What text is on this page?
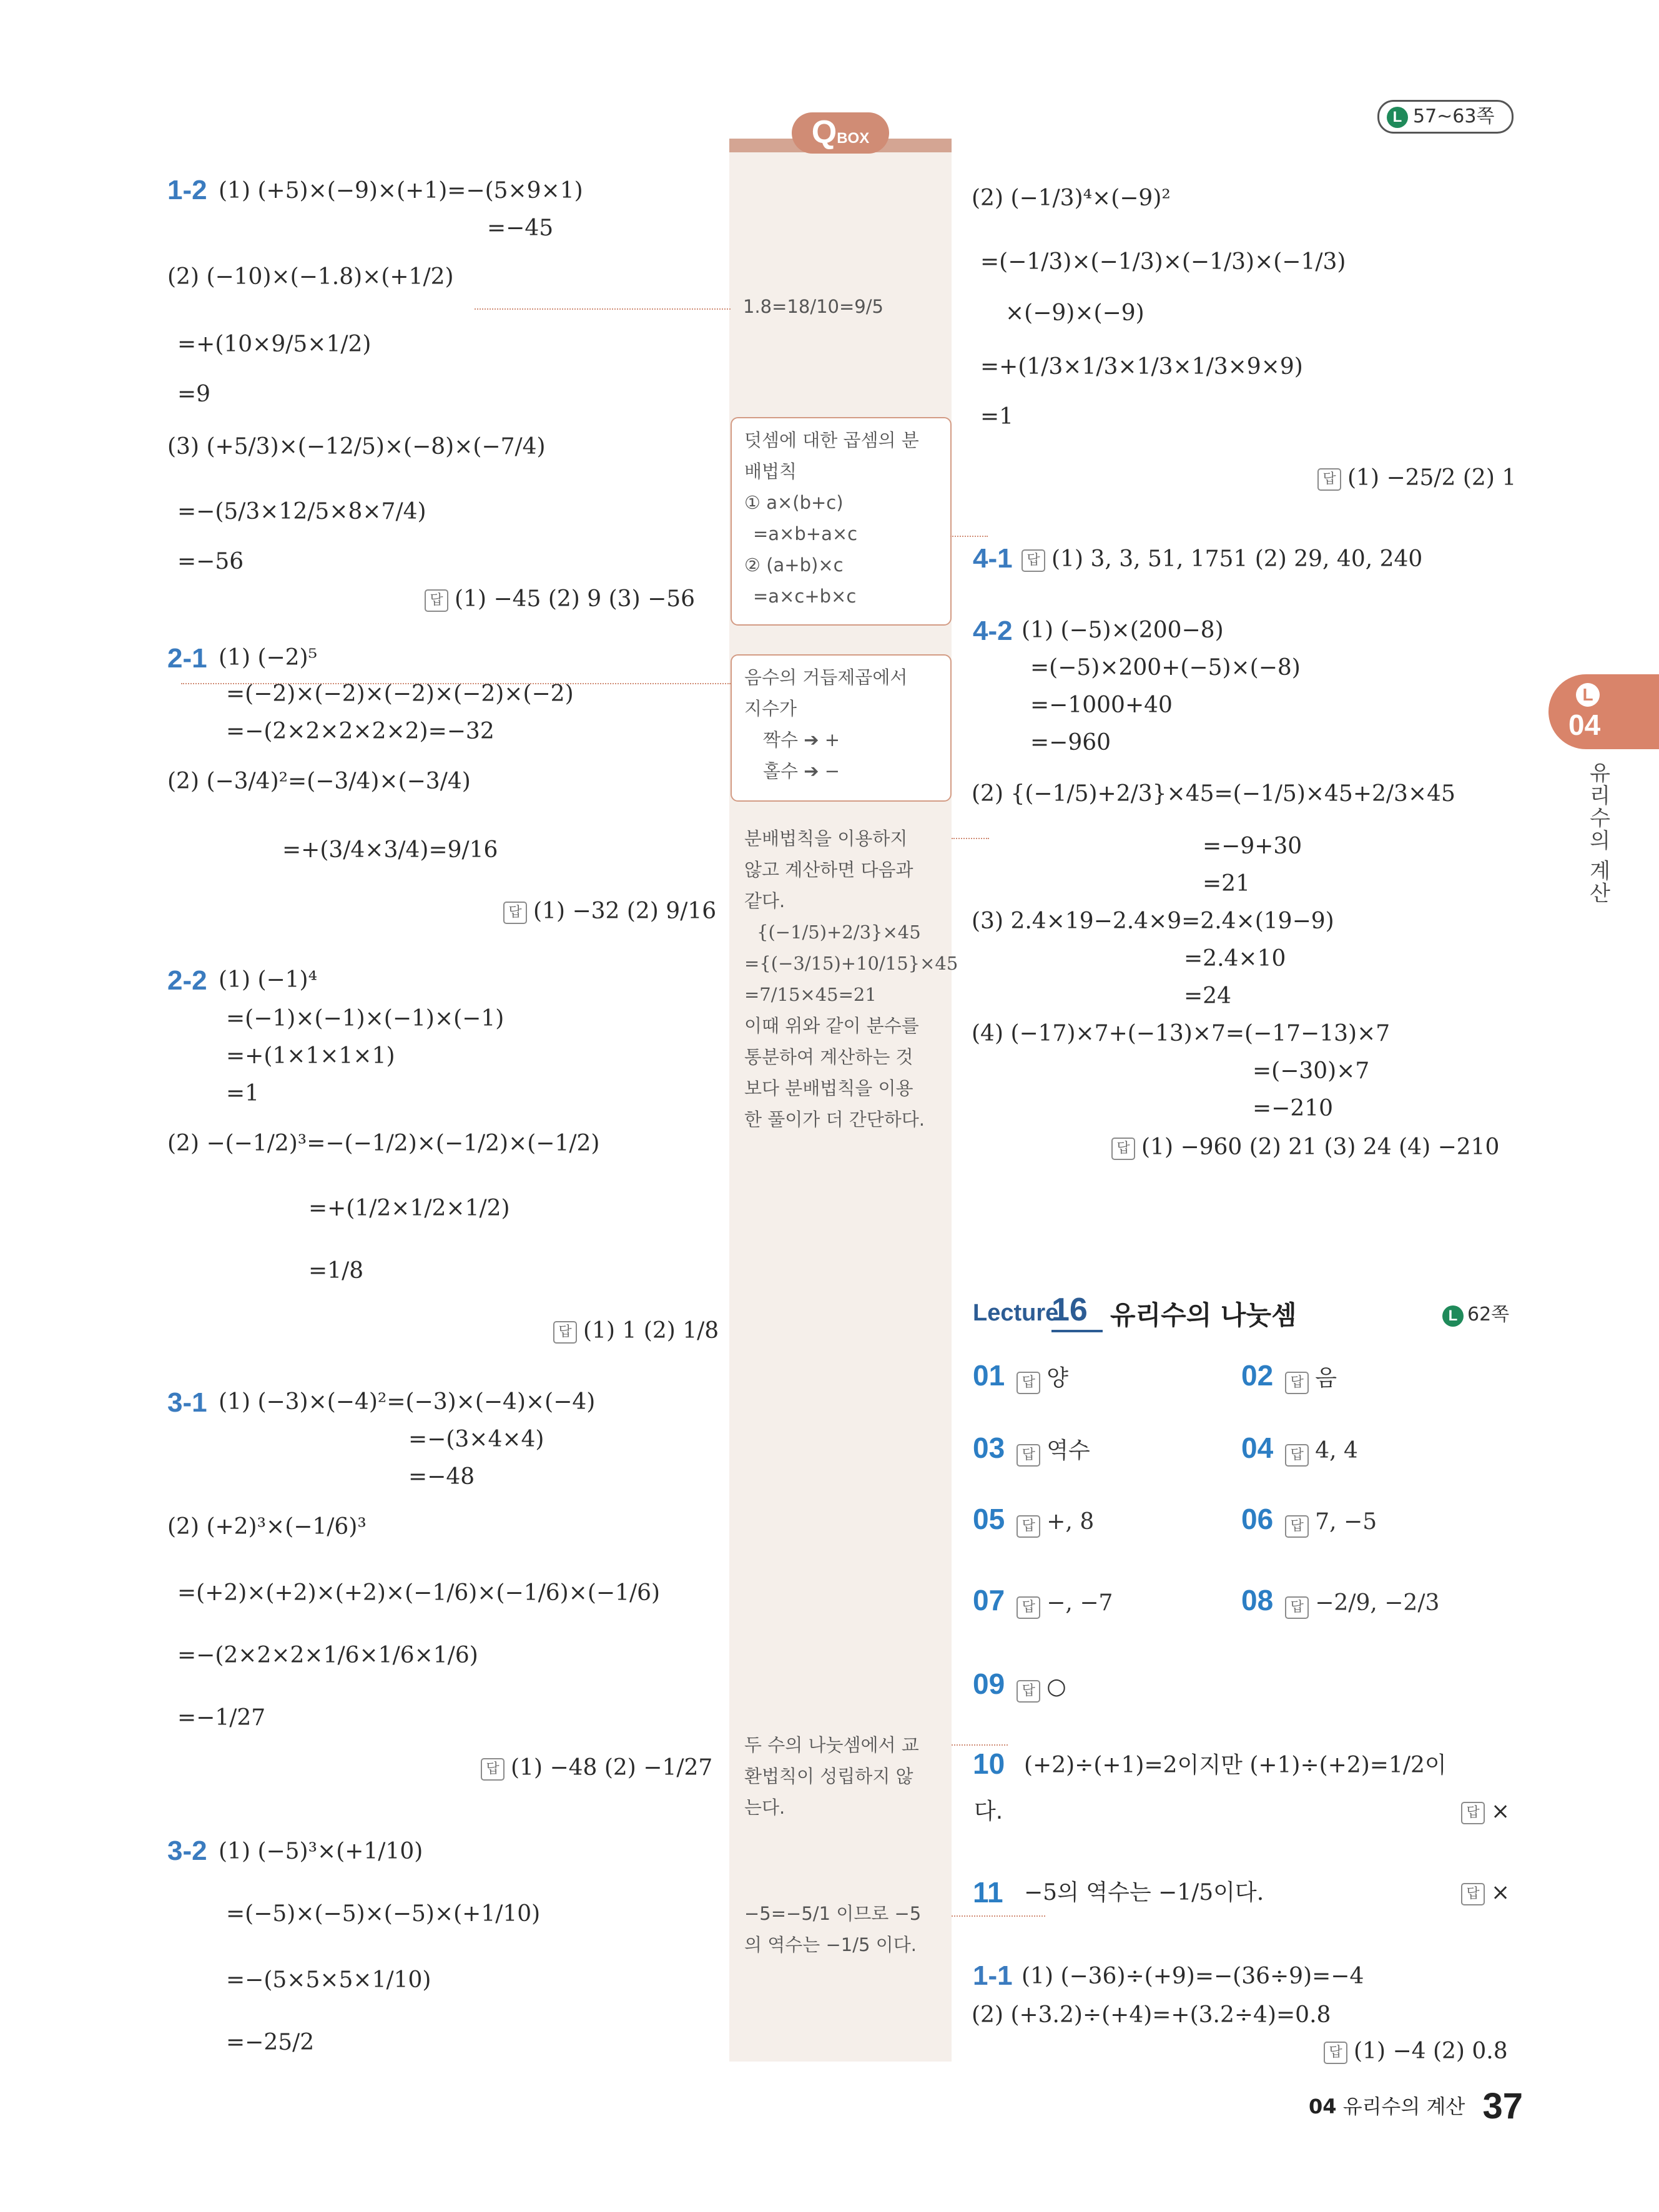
L 57~63쪽
QBOX
1.8=18/10=9/5
덧셈에 대한 곱셈의 분
배법칙
① a×(b+c)
=a×b+a×c
② (a+b)×c
=a×c+b×c
음수의 거듭제곱에서
지수가
짝수 ➔ +
홀수 ➔ −
분배법칙을 이용하지
않고 계산하면 다음과
같다.
{(−1/5)+2/3}×45
={(−3/15)+10/15}×45
=7/15×45=21
이때 위와 같이 분수를
통분하여 계산하는 것
보다 분배법칙을 이용
한 풀이가 더 간단하다.
두 수의 나눗셈에서 교
환법칙이 성립하지 않
는다.
−5=−5/1 이므로 −5
의 역수는 −1/5 이다.
1-2 (1) (+5)×(−9)×(+1)=−(5×9×1)
=−45
(2) (−10)×(−1.8)×(+1/2)
=+(10×9/5×1/2)
=9
(3) (+5/3)×(−12/5)×(−8)×(−7/4)
=−(5/3×12/5×8×7/4)
=−56
답 (1) −45 (2) 9 (3) −56
2-1 (1) (−2)⁵
=(−2)×(−2)×(−2)×(−2)×(−2)
=−(2×2×2×2×2)=−32
(2) (−3/4)²=(−3/4)×(−3/4)
=+(3/4×3/4)=9/16
답 (1) −32 (2) 9/16
2-2 (1) (−1)⁴
=(−1)×(−1)×(−1)×(−1)
=+(1×1×1×1)
=1
(2) −(−1/2)³=−(−1/2)×(−1/2)×(−1/2)
=+(1/2×1/2×1/2)
=1/8
답 (1) 1 (2) 1/8
3-1 (1) (−3)×(−4)²=(−3)×(−4)×(−4)
=−(3×4×4)
=−48
(2) (+2)³×(−1/6)³
=(+2)×(+2)×(+2)×(−1/6)×(−1/6)×(−1/6)
=−(2×2×2×1/6×1/6×1/6)
=−1/27
답 (1) −48 (2) −1/27
3-2 (1) (−5)³×(+1/10)
=(−5)×(−5)×(−5)×(+1/10)
=−(5×5×5×1/10)
=−25/2
(2) (−1/3)⁴×(−9)²
=(−1/3)×(−1/3)×(−1/3)×(−1/3)
×(−9)×(−9)
=+(1/3×1/3×1/3×1/3×9×9)
=1
답 (1) −25/2 (2) 1
4-1	답 (1) 3, 3, 51, 1751 (2) 29, 40, 240
4-2 (1) (−5)×(200−8)
=(−5)×200+(−5)×(−8)
=−1000+40
=−960
(2) {(−1/5)+2/3}×45=(−1/5)×45+2/3×45
=−9+30
=21
(3) 2.4×19−2.4×9=2.4×(19−9)
=2.4×10
=24
(4) (−17)×7+(−13)×7=(−17−13)×7
=(−30)×7
=−210
답 (1) −960 (2) 21 (3) 24 (4) −210
Lecture
16 유리수의 나눗셈	L 62쪽
01 답 양	02 답 음
03 답 역수	04 답 4, 4
05 답 +, 8	06 답 7, −5
07 답 −, −7	08 답 −2/9, −2/3
09 답 ○
10 (+2)÷(+1)=2이지만 (+1)÷(+2)=1/2이
다.	답 ×
11 −5의 역수는 −1/5이다.	답 ×
1-1 (1) (−36)÷(+9)=−(36÷9)=−4
(2) (+3.2)÷(+4)=+(3.2÷4)=0.8
답 (1) −4 (2) 0.8
L
04
유리수의 계산
04 유리수의 계산 37
